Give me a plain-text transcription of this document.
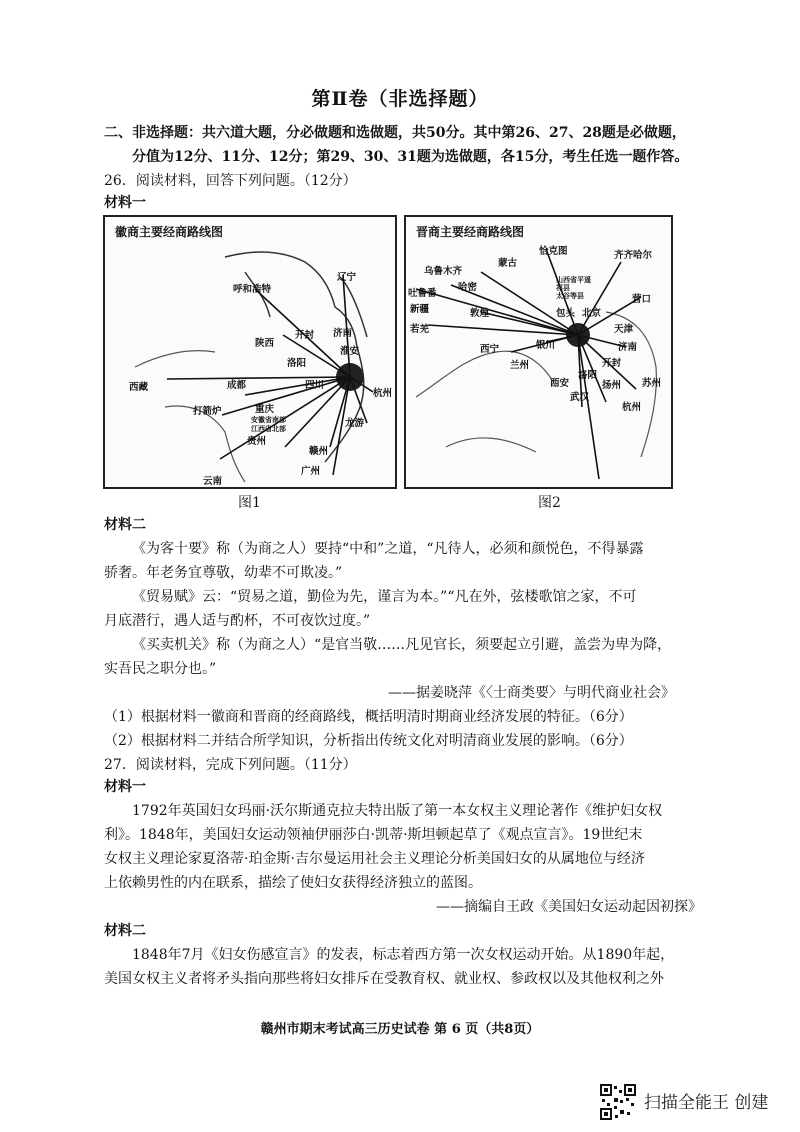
第Ⅱ卷（非选择题）
二、非选择题：共六道大题，分必做题和选做题，共50分。其中第26、27、28题是必做题，
分值为12分、11分、12分；第29、30、31题为选做题，各15分，考生任选一题作答。
26．阅读材料，回答下列问题。（12分）
材料一
徽商主要经商路线图
呼和浩特
辽宁
陕西
开封 济南
洛阳
淮安
西藏	成都	四川
杭州
打箭炉	重庆
安徽省南部
江西省北部	龙游
贵州
赣州
广州
云南
图1
晋商主要经商路线图
恰克图	齐齐哈尔
乌鲁木齐
蒙古
山西省平遥
祁县
太谷等县
吐鲁番
哈密
新疆	包头 北京
营口
敦煌
若羌	天津
西宁	银川	济南
兰州	开封
西安
洛阳
扬州 苏州
武汉
杭州
图2
材料二
《为客十要》称（为商之人）要持“中和”之道，“凡待人，必须和颜悦色，不得暴露
骄奢。年老务宜尊敬，幼辈不可欺凌。”
《贸易赋》云：“贸易之道，勤俭为先，谨言为本。”“凡在外，弦楼歌馆之家，不可
月底潜行，遇人适与酌杯，不可夜饮过度。”
《买卖机关》称（为商之人）“是官当敬……凡见官长，须要起立引避，盖尝为卑为降，
实吾民之职分也。”
——据姜晓萍《〈士商类要〉与明代商业社会》
（1）根据材料一徽商和晋商的经商路线，概括明清时期商业经济发展的特征。（6分）
（2）根据材料二并结合所学知识，分析指出传统文化对明清商业发展的影响。（6分）
27．阅读材料，完成下列问题。（11分）
材料一
1792年英国妇女玛丽·沃尔斯通克拉夫特出版了第一本女权主义理论著作《维护妇女权
利》。1848年，美国妇女运动领袖伊丽莎白·凯蒂·斯坦顿起草了《观点宣言》。19世纪末
女权主义理论家夏洛蒂·珀金斯·吉尔曼运用社会主义理论分析美国妇女的从属地位与经济
上依赖男性的内在联系，描绘了使妇女获得经济独立的蓝图。
——摘编自王政《美国妇女运动起因初探》
材料二
1848年7月《妇女伤感宣言》的发表，标志着西方第一次女权运动开始。从1890年起，
美国女权主义者将矛头指向那些将妇女排斥在受教育权、就业权、参政权以及其他权利之外
赣州市期末考试高三历史试卷 第 6 页（共8页）
扫描全能王 创建
